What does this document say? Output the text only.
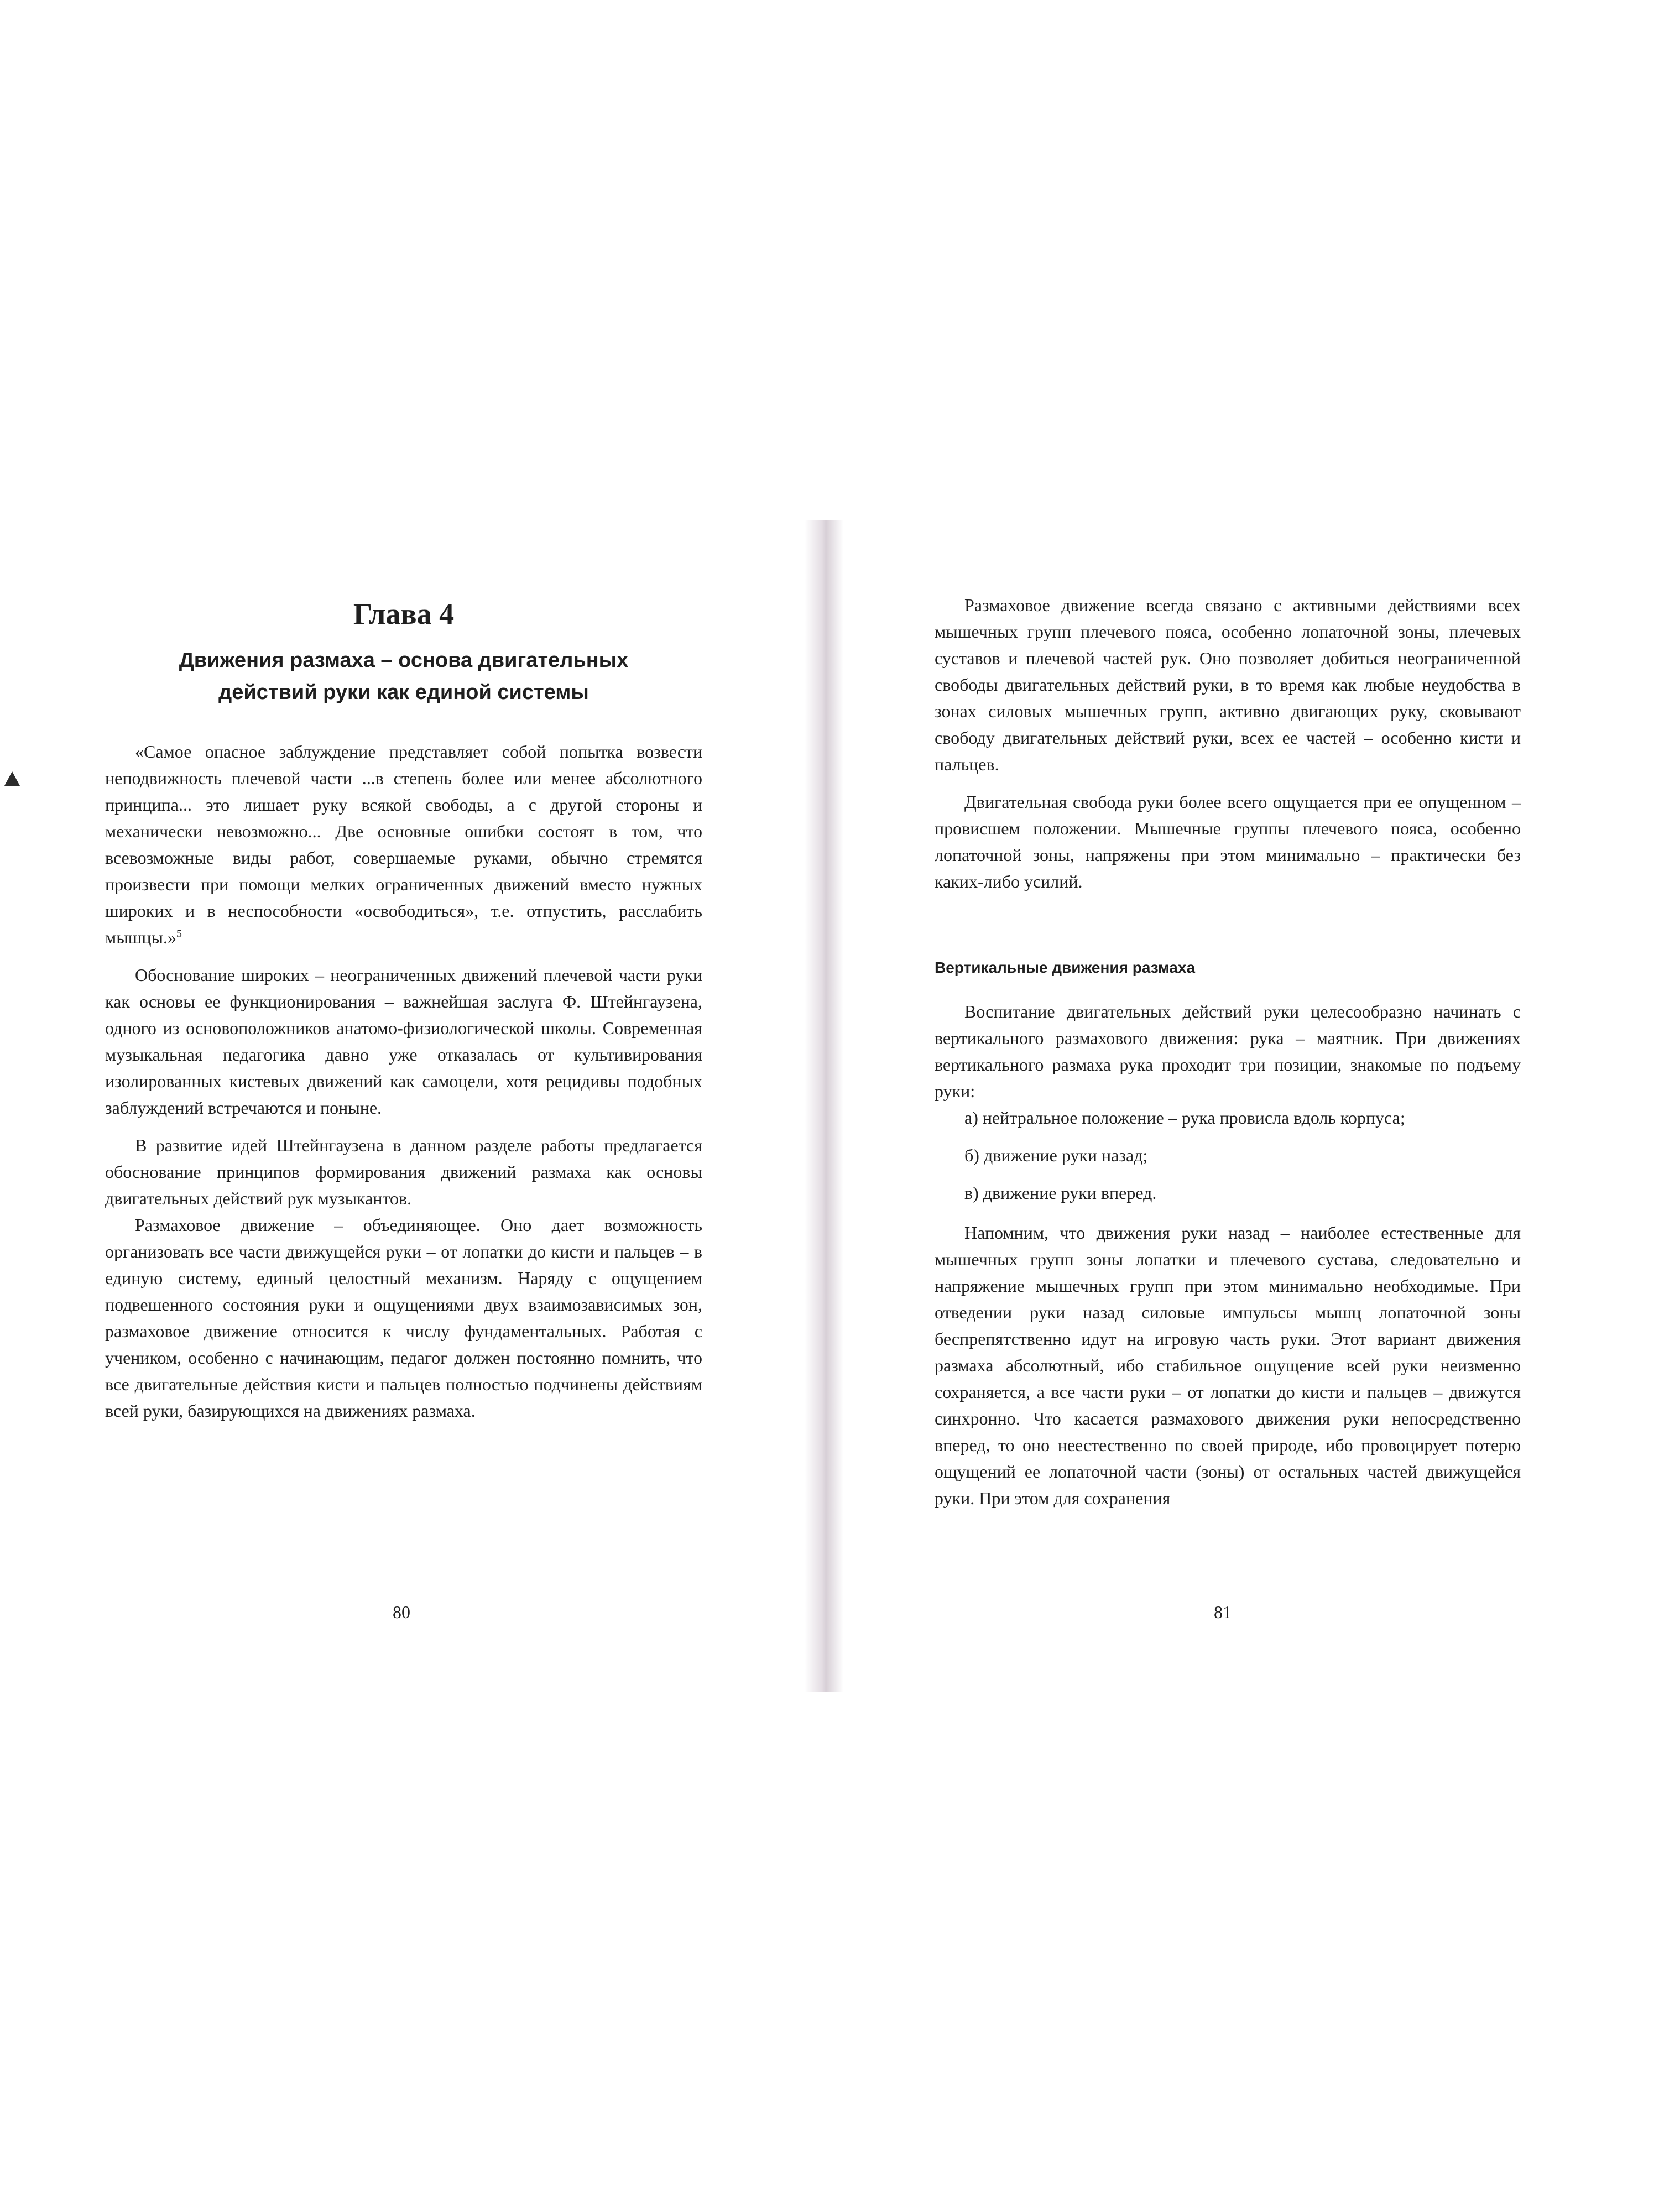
Глава 4
Движения размаха – основа двигательных
действий руки как единой системы

«Самое опасное заблуждение представляет собой попытка возвести неподвижность плечевой части ...в степень более или менее абсолютного принципа... это лишает руку всякой свободы, а с другой стороны и механически невозможно... Две основные ошибки состоят в том, что всевозможные виды работ, совершаемые руками, обычно стремятся произвести при помощи мелких ограниченных движений вместо нужных широких и в неспособности «освободиться», т.е. отпустить, расслабить мышцы.»$^5$

Обоснование широких – неограниченных движений плечевой части руки как основы ее функционирования – важнейшая заслуга Ф. Штейнгаузена, одного из основоположников анатомо-физиологической школы. Современная музыкальная педагогика давно уже отказалась от культивирования изолированных кистевых движений как самоцели, хотя рецидивы подобных заблуждений встречаются и поныне.

В развитие идей Штейнгаузена в данном разделе работы предлагается обоснование принципов формирования движений размаха как основы двигательных действий рук музыкантов.

Размаховое движение – объединяющее. Оно дает возможность организовать все части движущейся руки – от лопатки до кисти и пальцев – в единую систему, единый целостный механизм. Наряду с ощущением подвешенного состояния руки и ощущениями двух взаимозависимых зон, размаховое движение относится к числу фундаментальных. Работая с учеником, особенно с начинающим, педагог должен постоянно помнить, что все двигательные действия кисти и пальцев полностью подчинены действиям всей руки, базирующихся на движениях размаха.

80

Размаховое движение всегда связано с активными действиями всех мышечных групп плечевого пояса, особенно лопаточной зоны, плечевых суставов и плечевой частей рук. Оно позволяет добиться неограниченной свободы двигательных действий руки, в то время как любые неудобства в зонах силовых мышечных групп, активно двигающих руку, сковывают свободу двигательных действий руки, всех ее частей – особенно кисти и пальцев.

Двигательная свобода руки более всего ощущается при ее опущенном – провисшем положении. Мышечные группы плечевого пояса, особенно лопаточной зоны, напряжены при этом минимально – практически без каких-либо усилий.

Вертикальные движения размаха

Воспитание двигательных действий руки целесообразно начинать с вертикального размахового движения: рука – маятник. При движениях вертикального размаха рука проходит три позиции, знакомые по подъему руки:

а) нейтральное положение – рука провисла вдоль корпуса;

б) движение руки назад;

в) движение руки вперед.

Напомним, что движения руки назад – наиболее естественные для мышечных групп зоны лопатки и плечевого сустава, следовательно и напряжение мышечных групп при этом минимально необходимые. При отведении руки назад силовые импульсы мышц лопаточной зоны беспрепятственно идут на игровую часть руки. Этот вариант движения размаха абсолютный, ибо стабильное ощущение всей руки неизменно сохраняется, а все части руки – от лопатки до кисти и пальцев – движутся синхронно. Что касается размахового движения руки непосредственно вперед, то оно неестественно по своей природе, ибо провоцирует потерю ощущений ее лопаточной части (зоны) от остальных частей движущейся руки. При этом для сохранения

81
